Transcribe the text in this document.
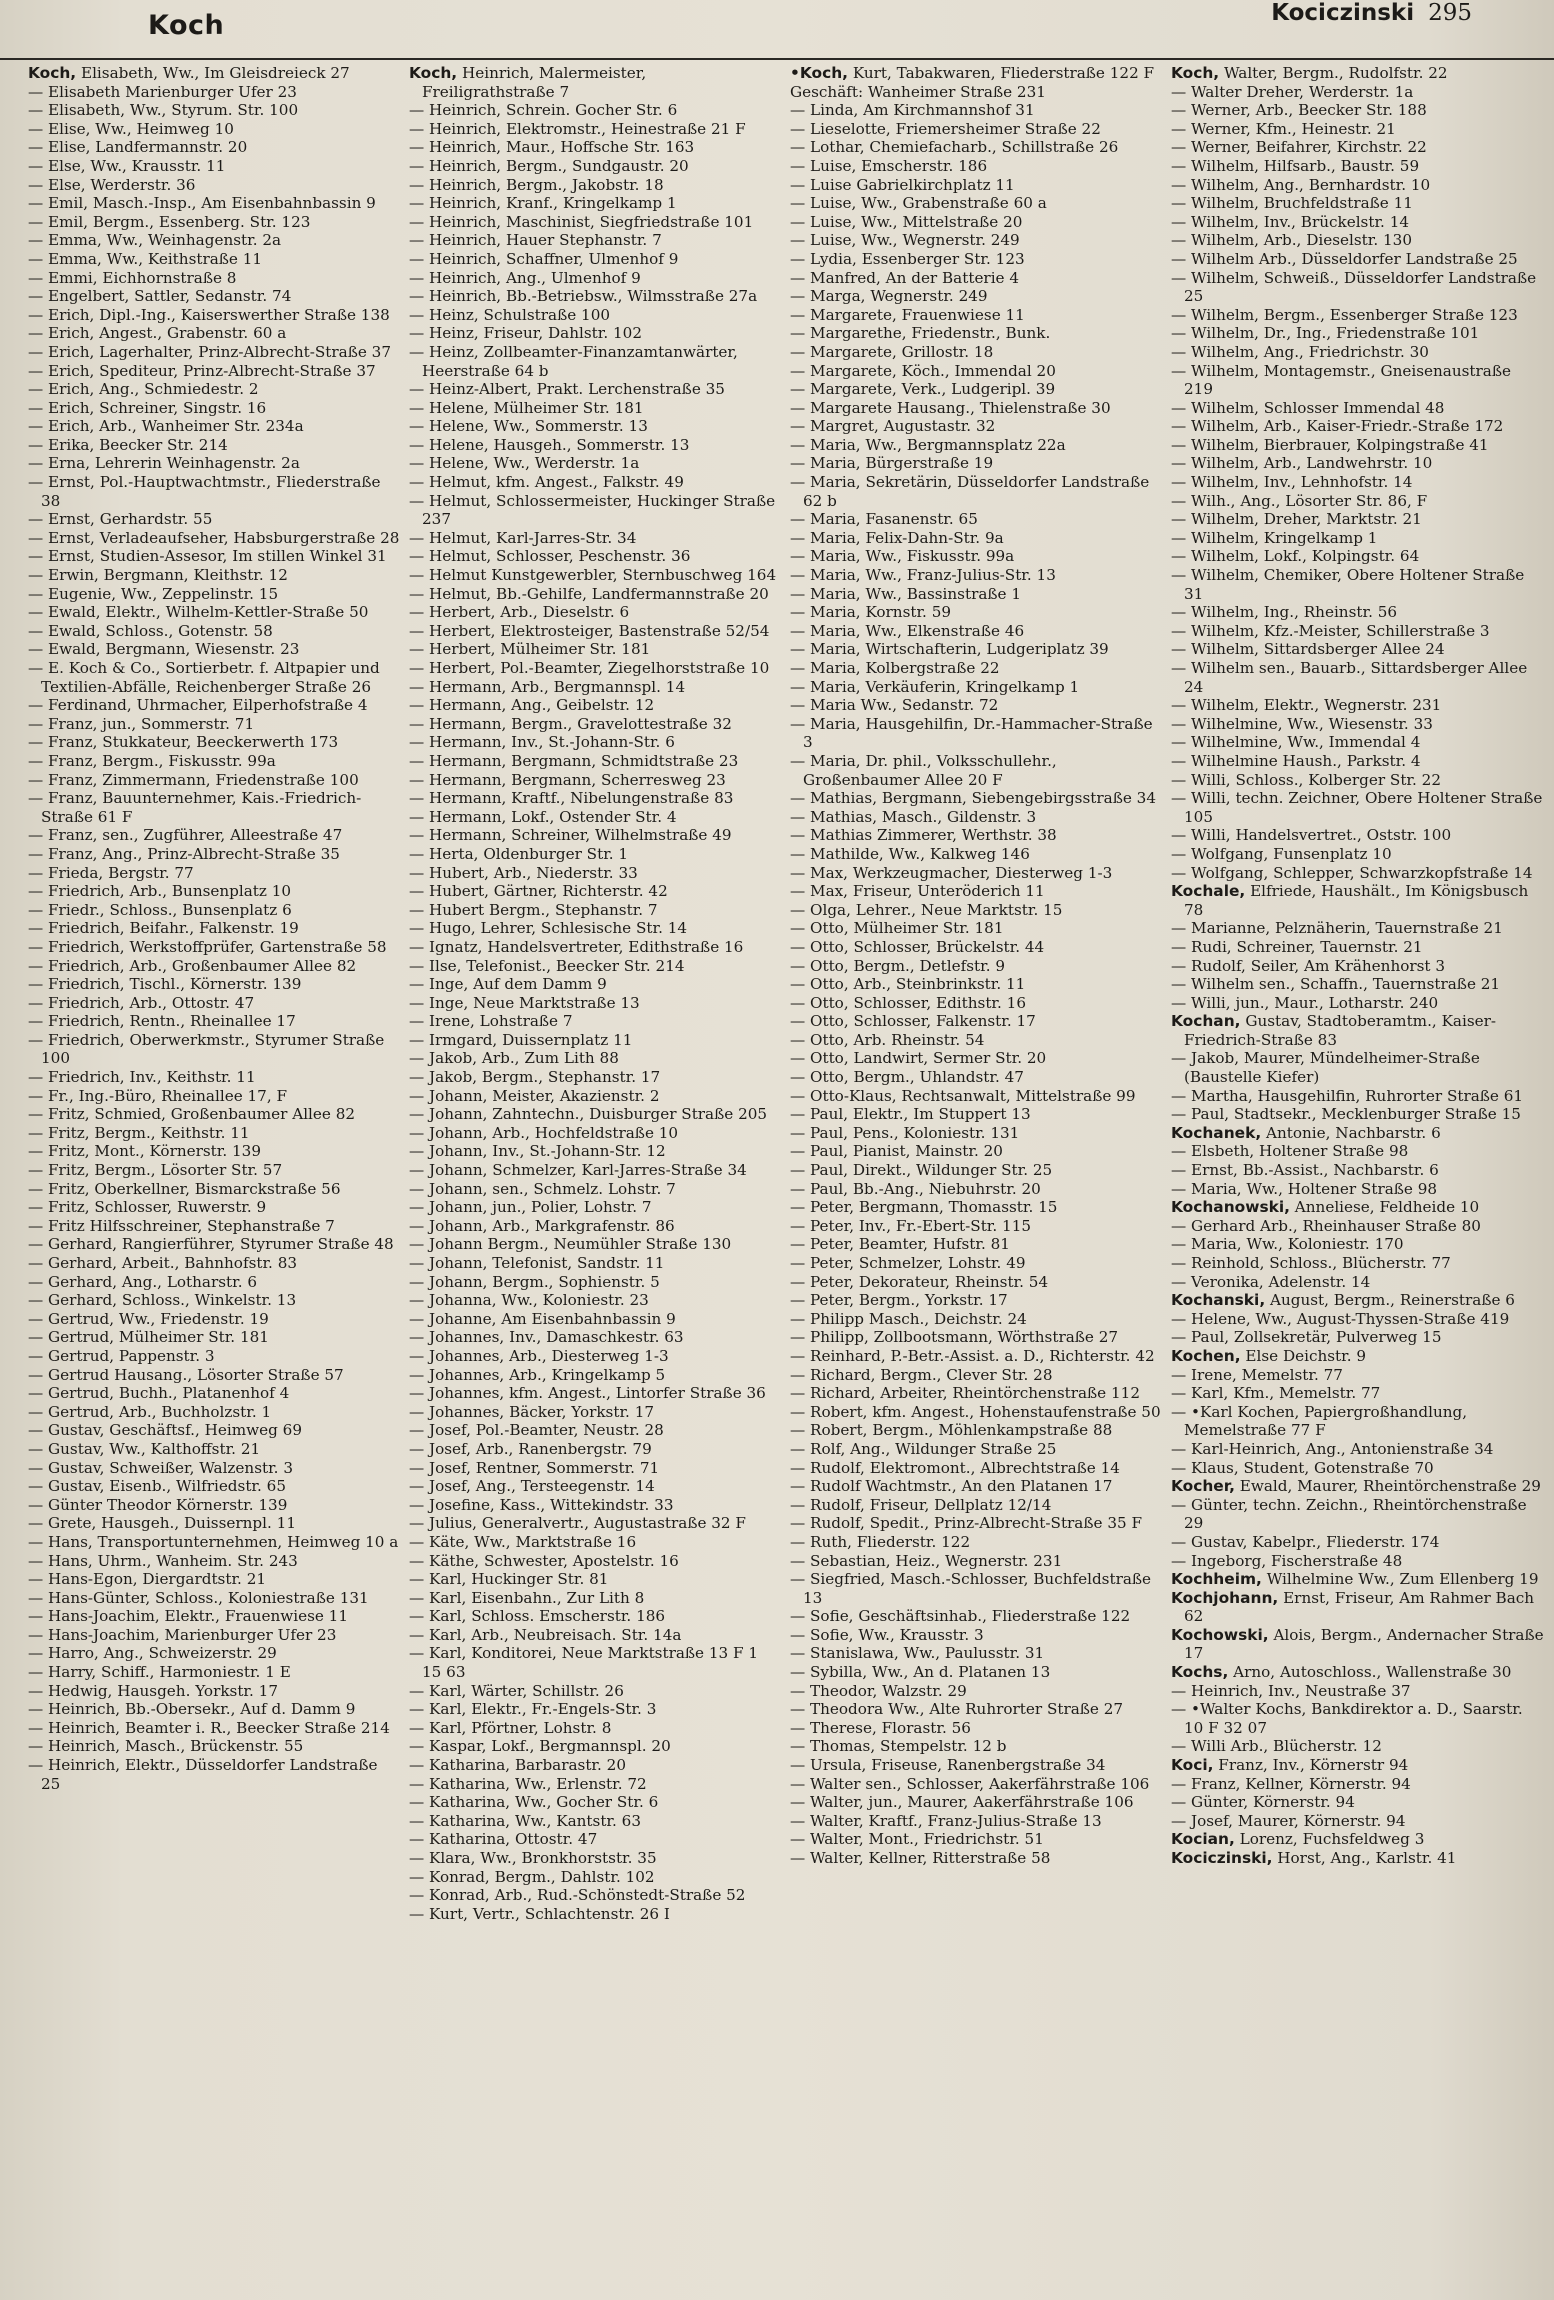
Koch	Kociczinski 295

Koch, Elisabeth, Ww., Im Gleisdreieck 27

— Elisabeth Marienburger Ufer 23

— Elisabeth, Ww., Styrum. Str. 100

— Elise, Ww., Heimweg 10

— Elise, Landfermannstr. 20

— Else, Ww., Krausstr. 11

— Else, Werderstr. 36

— Emil, Masch.-Insp., Am Eisenbahnbassin 9

— Emil, Bergm., Essenberg. Str. 123

— Emma, Ww., Weinhagenstr. 2a

— Emma, Ww., Keithstraße 11

— Emmi, Eichhornstraße 8

— Engelbert, Sattler, Sedanstr. 74

— Erich, Dipl.-Ing., Kaiserswerther Straße 138

— Erich, Angest., Grabenstr. 60 a

— Erich, Lagerhalter, Prinz-Albrecht-Straße 37

— Erich, Spediteur, Prinz-Albrecht-Straße 37

— Erich, Ang., Schmiedestr. 2

— Erich, Schreiner, Singstr. 16

— Erich, Arb., Wanheimer Str. 234a

— Erika, Beecker Str. 214

— Erna, Lehrerin Weinhagenstr. 2a

— Ernst, Pol.-Hauptwachtmstr., Fliederstraße 38

— Ernst, Gerhardstr. 55

— Ernst, Verladeaufseher, Habsburgerstraße 28

— Ernst, Studien-Assesor, Im stillen Winkel 31

— Erwin, Bergmann, Kleithstr. 12

— Eugenie, Ww., Zeppelinstr. 15

— Ewald, Elektr., Wilhelm-Kettler-Straße 50

— Ewald, Schloss., Gotenstr. 58

— Ewald, Bergmann, Wiesenstr. 23

— E. Koch & Co., Sortierbetr. f. Altpapier und Textilien-Abfälle, Reichenberger Straße 26

— Ferdinand, Uhrmacher, Eilperhofstraße 4

— Franz, jun., Sommerstr. 71

— Franz, Stukkateur, Beeckerwerth 173

— Franz, Bergm., Fiskusstr. 99a

— Franz, Zimmermann, Friedenstraße 100

— Franz, Bauunternehmer, Kais.-Friedrich-Straße 61 F

— Franz, sen., Zugführer, Alleestraße 47

— Franz, Ang., Prinz-Albrecht-Straße 35

— Frieda, Bergstr. 77

— Friedrich, Arb., Bunsenplatz 10

— Friedr., Schloss., Bunsenplatz 6

— Friedrich, Beifahr., Falkenstr. 19

— Friedrich, Werkstoffprüfer, Gartenstraße 58

— Friedrich, Arb., Großenbaumer Allee 82

— Friedrich, Tischl., Körnerstr. 139

— Friedrich, Arb., Ottostr. 47

— Friedrich, Rentn., Rheinallee 17

— Friedrich, Oberwerkmstr., Styrumer Straße 100

— Friedrich, Inv., Keithstr. 11

— Fr., Ing.-Büro, Rheinallee 17, F

— Fritz, Schmied, Großenbaumer Allee 82

— Fritz, Bergm., Keithstr. 11

— Fritz, Mont., Körnerstr. 139

— Fritz, Bergm., Lösorter Str. 57

— Fritz, Oberkellner, Bismarckstraße 56

— Fritz, Schlosser, Ruwerstr. 9

— Fritz Hilfsschreiner, Stephanstraße 7

— Gerhard, Rangierführer, Styrumer Straße 48

— Gerhard, Arbeit., Bahnhofstr. 83

— Gerhard, Ang., Lotharstr. 6

— Gerhard, Schloss., Winkelstr. 13

— Gertrud, Ww., Friedenstr. 19

— Gertrud, Mülheimer Str. 181

— Gertrud, Pappenstr. 3

— Gertrud Hausang., Lösorter Straße 57

— Gertrud, Buchh., Platanenhof 4

— Gertrud, Arb., Buchholzstr. 1

— Gustav, Geschäftsf., Heimweg 69

— Gustav, Ww., Kalthoffstr. 21

— Gustav, Schweißer, Walzenstr. 3

— Gustav, Eisenb., Wilfriedstr. 65

— Günter Theodor Körnerstr. 139

— Grete, Hausgeh., Duissernpl. 11

— Hans, Transportunternehmen, Heimweg 10 a

— Hans, Uhrm., Wanheim. Str. 243

— Hans-Egon, Diergardtstr. 21

— Hans-Günter, Schloss., Koloniestraße 131

— Hans-Joachim, Elektr., Frauenwiese 11

— Hans-Joachim, Marienburger Ufer 23

— Harro, Ang., Schweizerstr. 29

— Harry, Schiff., Harmoniestr. 1 E

— Hedwig, Hausgeh. Yorkstr. 17

— Heinrich, Bb.-Obersekr., Auf d. Damm 9

— Heinrich, Beamter i. R., Beecker Straße 214

— Heinrich, Masch., Brückenstr. 55

— Heinrich, Elektr., Düsseldorfer Landstraße 25

Koch, Heinrich, Malermeister, Freiligrathstraße 7

— Heinrich, Schrein. Gocher Str. 6

— Heinrich, Elektromstr., Heinestraße 21 F

— Heinrich, Maur., Hoffsche Str. 163

— Heinrich, Bergm., Sundgaustr. 20

— Heinrich, Bergm., Jakobstr. 18

— Heinrich, Kranf., Kringelkamp 1

— Heinrich, Maschinist, Siegfriedstraße 101

— Heinrich, Hauer Stephanstr. 7

— Heinrich, Schaffner, Ulmenhof 9

— Heinrich, Ang., Ulmenhof 9

— Heinrich, Bb.-Betriebsw., Wilmsstraße 27a

— Heinz, Schulstraße 100

— Heinz, Friseur, Dahlstr. 102

— Heinz, Zollbeamter-Finanzamtanwärter, Heerstraße 64 b

— Heinz-Albert, Prakt. Lerchenstraße 35

— Helene, Mülheimer Str. 181

— Helene, Ww., Sommerstr. 13

— Helene, Hausgeh., Sommerstr. 13

— Helene, Ww., Werderstr. 1a

— Helmut, kfm. Angest., Falkstr. 49

— Helmut, Schlossermeister, Huckinger Straße 237

— Helmut, Karl-Jarres-Str. 34

— Helmut, Schlosser, Peschenstr. 36

— Helmut Kunstgewerbler, Sternbuschweg 164

— Helmut, Bb.-Gehilfe, Landfermannstraße 20

— Herbert, Arb., Dieselstr. 6

— Herbert, Elektrosteiger, Bastenstraße 52/54

— Herbert, Mülheimer Str. 181

— Herbert, Pol.-Beamter, Ziegelhorststraße 10

— Hermann, Arb., Bergmannspl. 14

— Hermann, Ang., Geibelstr. 12

— Hermann, Bergm., Gravelottestraße 32

— Hermann, Inv., St.-Johann-Str. 6

— Hermann, Bergmann, Schmidtstraße 23

— Hermann, Bergmann, Scherresweg 23

— Hermann, Kraftf., Nibelungenstraße 83

— Hermann, Lokf., Ostender Str. 4

— Hermann, Schreiner, Wilhelmstraße 49

— Herta, Oldenburger Str. 1

— Hubert, Arb., Niederstr. 33

— Hubert, Gärtner, Richterstr. 42

— Hubert Bergm., Stephanstr. 7

— Hugo, Lehrer, Schlesische Str. 14

— Ignatz, Handelsvertreter, Edithstraße 16

— Ilse, Telefonist., Beecker Str. 214

— Inge, Auf dem Damm 9

— Inge, Neue Marktstraße 13

— Irene, Lohstraße 7

— Irmgard, Duissernplatz 11

— Jakob, Arb., Zum Lith 88

— Jakob, Bergm., Stephanstr. 17

— Johann, Meister, Akazienstr. 2

— Johann, Zahntechn., Duisburger Straße 205

— Johann, Arb., Hochfeldstraße 10

— Johann, Inv., St.-Johann-Str. 12

— Johann, Schmelzer, Karl-Jarres-Straße 34

— Johann, sen., Schmelz. Lohstr. 7

— Johann, jun., Polier, Lohstr. 7

— Johann, Arb., Markgrafenstr. 86

— Johann Bergm., Neumühler Straße 130

— Johann, Telefonist, Sandstr. 11

— Johann, Bergm., Sophienstr. 5

— Johanna, Ww., Koloniestr. 23

— Johanne, Am Eisenbahnbassin 9

— Johannes, Inv., Damaschkestr. 63

— Johannes, Arb., Diesterweg 1-3

— Johannes, Arb., Kringelkamp 5

— Johannes, kfm. Angest., Lintorfer Straße 36

— Johannes, Bäcker, Yorkstr. 17

— Josef, Pol.-Beamter, Neustr. 28

— Josef, Arb., Ranenbergstr. 79

— Josef, Rentner, Sommerstr. 71

— Josef, Ang., Tersteegenstr. 14

— Josefine, Kass., Wittekindstr. 33

— Julius, Generalvertr., Augustastraße 32 F

— Käte, Ww., Marktstraße 16

— Käthe, Schwester, Apostelstr. 16

— Karl, Huckinger Str. 81

— Karl, Eisenbahn., Zur Lith 8

— Karl, Schloss. Emscherstr. 186

— Karl, Arb., Neubreisach. Str. 14a

— Karl, Konditorei, Neue Marktstraße 13 F 1 15 63

— Karl, Wärter, Schillstr. 26

— Karl, Elektr., Fr.-Engels-Str. 3

— Karl, Pförtner, Lohstr. 8

— Kaspar, Lokf., Bergmannspl. 20

— Katharina, Barbarastr. 20

— Katharina, Ww., Erlenstr. 72

— Katharina, Ww., Gocher Str. 6

— Katharina, Ww., Kantstr. 63

— Katharina, Ottostr. 47

— Klara, Ww., Bronkhorststr. 35

— Konrad, Bergm., Dahlstr. 102

— Konrad, Arb., Rud.-Schönstedt-Straße 52

— Kurt, Vertr., Schlachtenstr. 26 I

•Koch, Kurt, Tabakwaren, Fliederstraße 122 F

Geschäft: Wanheimer Straße 231

— Linda, Am Kirchmannshof 31

— Lieselotte, Friemersheimer Straße 22

— Lothar, Chemiefacharb., Schillstraße 26

— Luise, Emscherstr. 186

— Luise Gabrielkirchplatz 11

— Luise, Ww., Grabenstraße 60 a

— Luise, Ww., Mittelstraße 20

— Luise, Ww., Wegnerstr. 249

— Lydia, Essenberger Str. 123

— Manfred, An der Batterie 4

— Marga, Wegnerstr. 249

— Margarete, Frauenwiese 11

— Margarethe, Friedenstr., Bunk.

— Margarete, Grillostr. 18

— Margarete, Köch., Immendal 20

— Margarete, Verk., Ludgeripl. 39

— Margarete Hausang., Thielenstraße 30

— Margret, Augustastr. 32

— Maria, Ww., Bergmannsplatz 22a

— Maria, Bürgerstraße 19

— Maria, Sekretärin, Düsseldorfer Landstraße 62 b

— Maria, Fasanenstr. 65

— Maria, Felix-Dahn-Str. 9a

— Maria, Ww., Fiskusstr. 99a

— Maria, Ww., Franz-Julius-Str. 13

— Maria, Ww., Bassinstraße 1

— Maria, Kornstr. 59

— Maria, Ww., Elkenstraße 46

— Maria, Wirtschafterin, Ludgeriplatz 39

— Maria, Kolbergstraße 22

— Maria, Verkäuferin, Kringelkamp 1

— Maria Ww., Sedanstr. 72

— Maria, Hausgehilfin, Dr.-Hammacher-Straße 3

— Maria, Dr. phil., Volksschullehr., Großenbaumer Allee 20 F

— Mathias, Bergmann, Siebengebirgsstraße 34

— Mathias, Masch., Gildenstr. 3

— Mathias Zimmerer, Werthstr. 38

— Mathilde, Ww., Kalkweg 146

— Max, Werkzeugmacher, Diesterweg 1-3

— Max, Friseur, Unteröderich 11

— Olga, Lehrer., Neue Marktstr. 15

— Otto, Mülheimer Str. 181

— Otto, Schlosser, Brückelstr. 44

— Otto, Bergm., Detlefstr. 9

— Otto, Arb., Steinbrinkstr. 11

— Otto, Schlosser, Edithstr. 16

— Otto, Schlosser, Falkenstr. 17

— Otto, Arb. Rheinstr. 54

— Otto, Landwirt, Sermer Str. 20

— Otto, Bergm., Uhlandstr. 47

— Otto-Klaus, Rechtsanwalt, Mittelstraße 99

— Paul, Elektr., Im Stuppert 13

— Paul, Pens., Koloniestr. 131

— Paul, Pianist, Mainstr. 20

— Paul, Direkt., Wildunger Str. 25

— Paul, Bb.-Ang., Niebuhrstr. 20

— Peter, Bergmann, Thomasstr. 15

— Peter, Inv., Fr.-Ebert-Str. 115

— Peter, Beamter, Hufstr. 81

— Peter, Schmelzer, Lohstr. 49

— Peter, Dekorateur, Rheinstr. 54

— Peter, Bergm., Yorkstr. 17

— Philipp Masch., Deichstr. 24

— Philipp, Zollbootsmann, Wörthstraße 27

— Reinhard, P.-Betr.-Assist. a. D., Richterstr. 42

— Richard, Bergm., Clever Str. 28

— Richard, Arbeiter, Rheintörchenstraße 112

— Robert, kfm. Angest., Hohenstaufenstraße 50

— Robert, Bergm., Möhlenkampstraße 88

— Rolf, Ang., Wildunger Straße 25

— Rudolf, Elektromont., Albrechtstraße 14

— Rudolf Wachtmstr., An den Platanen 17

— Rudolf, Friseur, Dellplatz 12/14

— Rudolf, Spedit., Prinz-Albrecht-Straße 35 F

— Ruth, Fliederstr. 122

— Sebastian, Heiz., Wegnerstr. 231

— Siegfried, Masch.-Schlosser, Buchfeldstraße 13

— Sofie, Geschäftsinhab., Fliederstraße 122

— Sofie, Ww., Krausstr. 3

— Stanislawa, Ww., Paulusstr. 31

— Sybilla, Ww., An d. Platanen 13

— Theodor, Walzstr. 29

— Theodora Ww., Alte Ruhrorter Straße 27

— Therese, Florastr. 56

— Thomas, Stempelstr. 12 b

— Ursula, Friseuse, Ranenbergstraße 34

— Walter sen., Schlosser, Aakerfährstraße 106

— Walter, jun., Maurer, Aakerfährstraße 106

— Walter, Kraftf., Franz-Julius-Straße 13

— Walter, Mont., Friedrichstr. 51

— Walter, Kellner, Ritterstraße 58

Koch, Walter, Bergm., Rudolfstr. 22

— Walter Dreher, Werderstr. 1a

— Werner, Arb., Beecker Str. 188

— Werner, Kfm., Heinestr. 21

— Werner, Beifahrer, Kirchstr. 22

— Wilhelm, Hilfsarb., Baustr. 59

— Wilhelm, Ang., Bernhardstr. 10

— Wilhelm, Bruchfeldstraße 11

— Wilhelm, Inv., Brückelstr. 14

— Wilhelm, Arb., Dieselstr. 130

— Wilhelm Arb., Düsseldorfer Landstraße 25

— Wilhelm, Schweiß., Düsseldorfer Landstraße 25

— Wilhelm, Bergm., Essenberger Straße 123

— Wilhelm, Dr., Ing., Friedenstraße 101

— Wilhelm, Ang., Friedrichstr. 30

— Wilhelm, Montagemstr., Gneisenaustraße 219

— Wilhelm, Schlosser Immendal 48

— Wilhelm, Arb., Kaiser-Friedr.-Straße 172

— Wilhelm, Bierbrauer, Kolpingstraße 41

— Wilhelm, Arb., Landwehrstr. 10

— Wilhelm, Inv., Lehnhofstr. 14

— Wilh., Ang., Lösorter Str. 86, F

— Wilhelm, Dreher, Marktstr. 21

— Wilhelm, Kringelkamp 1

— Wilhelm, Lokf., Kolpingstr. 64

— Wilhelm, Chemiker, Obere Holtener Straße 31

— Wilhelm, Ing., Rheinstr. 56

— Wilhelm, Kfz.-Meister, Schillerstraße 3

— Wilhelm, Sittardsberger Allee 24

— Wilhelm sen., Bauarb., Sittardsberger Allee 24

— Wilhelm, Elektr., Wegnerstr. 231

— Wilhelmine, Ww., Wiesenstr. 33

— Wilhelmine, Ww., Immendal 4

— Wilhelmine Haush., Parkstr. 4

— Willi, Schloss., Kolberger Str. 22

— Willi, techn. Zeichner, Obere Holtener Straße 105

— Willi, Handelsvertret., Oststr. 100

— Wolfgang, Funsenplatz 10

— Wolfgang, Schlepper, Schwarzkopfstraße 14

Kochale, Elfriede, Haushält., Im Königsbusch 78

— Marianne, Pelznäherin, Tauernstraße 21

— Rudi, Schreiner, Tauernstr. 21

— Rudolf, Seiler, Am Krähenhorst 3

— Wilhelm sen., Schaffn., Tauernstraße 21

— Willi, jun., Maur., Lotharstr. 240

Kochan, Gustav, Stadtoberamtm., Kaiser-Friedrich-Straße 83

— Jakob, Maurer, Mündelheimer-Straße (Baustelle Kiefer)

— Martha, Hausgehilfin, Ruhrorter Straße 61

— Paul, Stadtsekr., Mecklenburger Straße 15

Kochanek, Antonie, Nachbarstr. 6

— Elsbeth, Holtener Straße 98

— Ernst, Bb.-Assist., Nachbarstr. 6

— Maria, Ww., Holtener Straße 98

Kochanowski, Anneliese, Feldheide 10

— Gerhard Arb., Rheinhauser Straße 80

— Maria, Ww., Koloniestr. 170

— Reinhold, Schloss., Blücherstr. 77

— Veronika, Adelenstr. 14

Kochanski, August, Bergm., Reinerstraße 6

— Helene, Ww., August-Thyssen-Straße 419

— Paul, Zollsekretär, Pulverweg 15

Kochen, Else Deichstr. 9

— Irene, Memelstr. 77

— Karl, Kfm., Memelstr. 77

— •Karl Kochen, Papiergroßhandlung, Memelstraße 77 F

— Karl-Heinrich, Ang., Antonienstraße 34

— Klaus, Student, Gotenstraße 70

Kocher, Ewald, Maurer, Rheintörchenstraße 29

— Günter, techn. Zeichn., Rheintörchenstraße 29

— Gustav, Kabelpr., Fliederstr. 174

— Ingeborg, Fischerstraße 48

Kochheim, Wilhelmine Ww., Zum Ellenberg 19

Kochjohann, Ernst, Friseur, Am Rahmer Bach 62

Kochowski, Alois, Bergm., Andernacher Straße 17

Kochs, Arno, Autoschloss., Wallenstraße 30

— Heinrich, Inv., Neustraße 37

— •Walter Kochs, Bankdirektor a. D., Saarstr. 10 F 32 07

— Willi Arb., Blücherstr. 12

Koci, Franz, Inv., Körnerstr 94

— Franz, Kellner, Körnerstr. 94

— Günter, Körnerstr. 94

— Josef, Maurer, Körnerstr. 94

Kocian, Lorenz, Fuchsfeldweg 3

Kociczinski, Horst, Ang., Karlstr. 41
